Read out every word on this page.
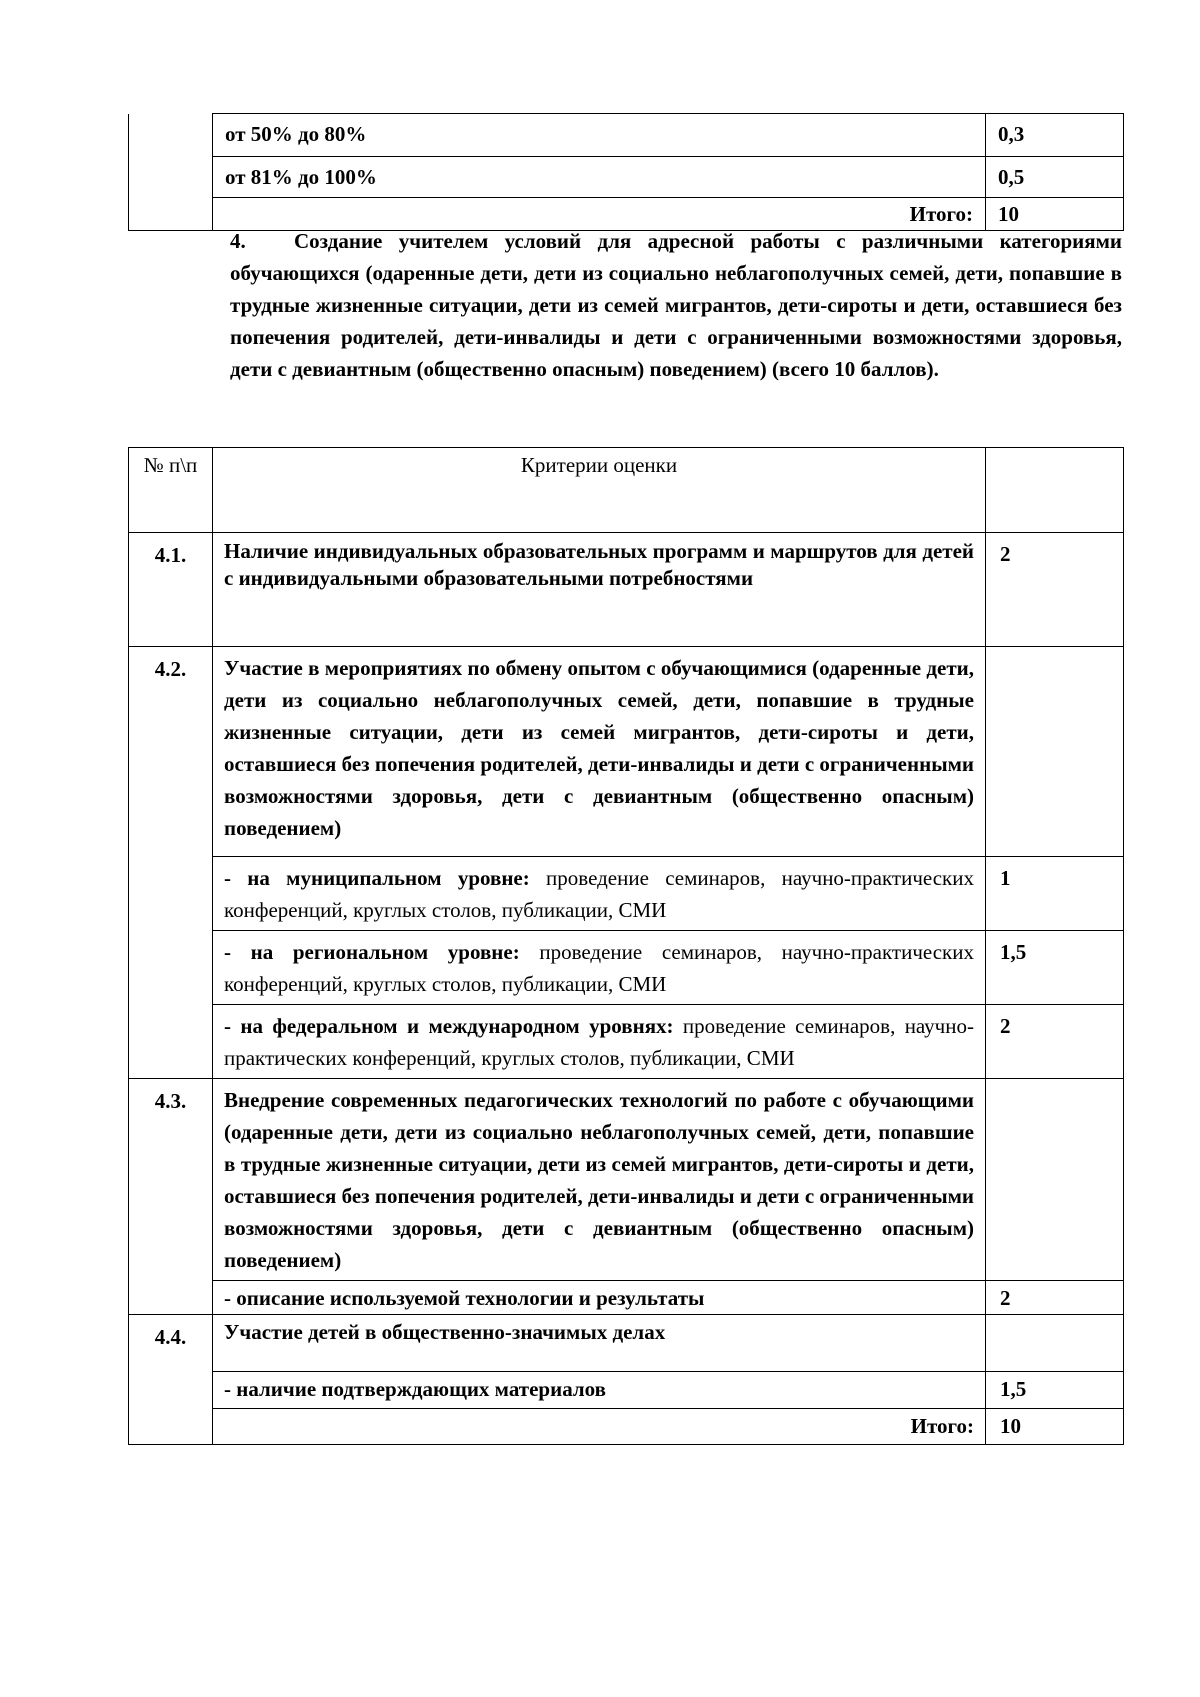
	от 50% до 80%	0,3
	от 81% до 100%	0,5
	Итого:	10

4. Создание учителем условий для адресной работы с различными категориями обучающихся (одаренные дети, дети из социально неблагополучных семей, дети, попавшие в трудные жизненные ситуации, дети из семей мигрантов, дети-сироты и дети, оставшиеся без попечения родителей, дети-инвалиды и дети с ограниченными возможностями здоровья, дети с девиантным (общественно опасным) поведением) (всего 10 баллов).

№ п\п	Критерии оценки	
4.1.	Наличие индивидуальных образовательных программ и маршрутов для детей с индивидуальными образовательными потребностями	2
4.2.	Участие в мероприятиях по обмену опытом с обучающимися (одаренные дети, дети из социально неблагополучных семей, дети, попавшие в трудные жизненные ситуации, дети из семей мигрантов, дети-сироты и дети, оставшиеся без попечения родителей, дети-инвалиды и дети с ограниченными возможностями здоровья, дети с девиантным (общественно опасным) поведением)	
	- на муниципальном уровне: проведение семинаров, научно-практических конференций, круглых столов, публикации, СМИ	1
	- на региональном уровне: проведение семинаров, научно-практических конференций, круглых столов, публикации, СМИ	1,5
	- на федеральном и международном уровнях: проведение семинаров, научно-практических конференций, круглых столов, публикации, СМИ	2
4.3.	Внедрение современных педагогических технологий по работе с обучающими (одаренные дети, дети из социально неблагополучных семей, дети, попавшие в трудные жизненные ситуации, дети из семей мигрантов, дети-сироты и дети, оставшиеся без попечения родителей, дети-инвалиды и дети с ограниченными возможностями здоровья, дети с девиантным (общественно опасным) поведением)	
	- описание используемой технологии и результаты	2
4.4.	Участие детей в общественно-значимых делах	
	- наличие подтверждающих материалов	1,5
	Итого:	10
